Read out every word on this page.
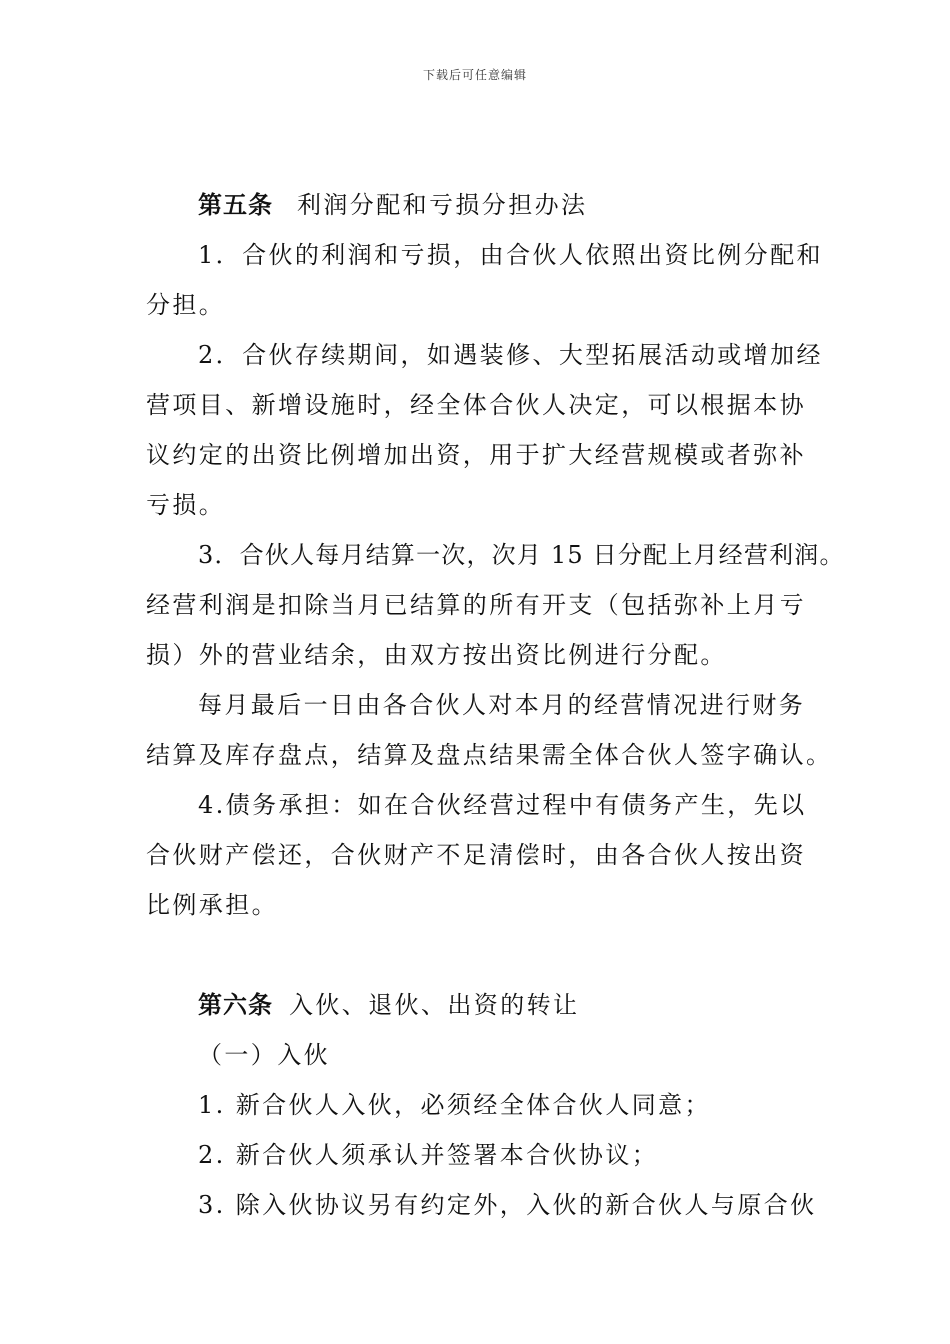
下载后可任意编辑
第五条 利润分配和亏损分担办法
1．合伙的利润和亏损，由合伙人依照出资比例分配和
分担。
2．合伙存续期间，如遇装修、大型拓展活动或增加经
营项目、新增设施时，经全体合伙人决定，可以根据本协
议约定的出资比例增加出资，用于扩大经营规模或者弥补
亏损。
3．合伙人每月结算一次，次月 15 日分配上月经营利润。
经营利润是扣除当月已结算的所有开支（包括弥补上月亏
损）外的营业结余，由双方按出资比例进行分配。
每月最后一日由各合伙人对本月的经营情况进行财务
结算及库存盘点，结算及盘点结果需全体合伙人签字确认。
4.债务承担：如在合伙经营过程中有债务产生，先以
合伙财产偿还，合伙财产不足清偿时，由各合伙人按出资
比例承担。
第六条 入伙、退伙、出资的转让
（一）入伙
1. 新合伙人入伙，必须经全体合伙人同意；
2. 新合伙人须承认并签署本合伙协议；
3. 除入伙协议另有约定外，入伙的新合伙人与原合伙
